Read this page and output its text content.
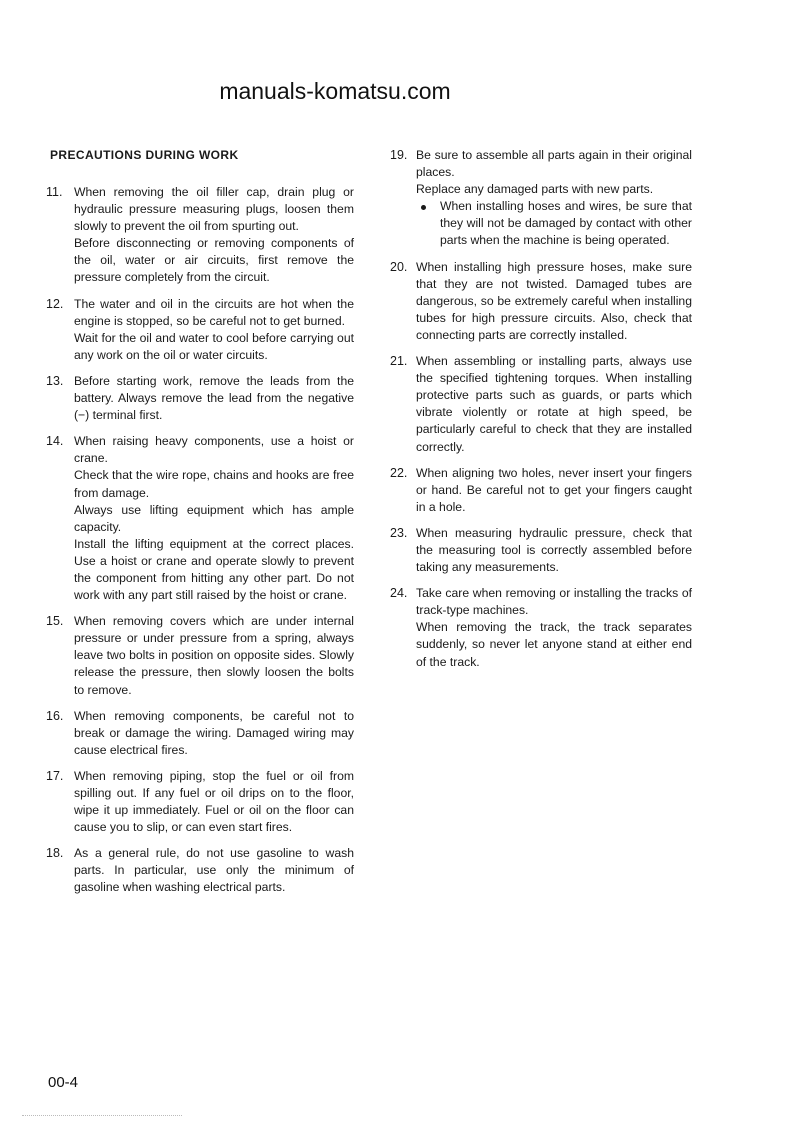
manuals-komatsu.com
PRECAUTIONS DURING WORK
11. When removing the oil filler cap, drain plug or hydraulic pressure measuring plugs, loosen them slowly to prevent the oil from spurting out.

Before disconnecting or removing components of the oil, water or air circuits, first remove the pressure completely from the circuit.

12. The water and oil in the circuits are hot when the engine is stopped, so be careful not to get burned.

Wait for the oil and water to cool before carrying out any work on the oil or water circuits.

13. Before starting work, remove the leads from the battery. Always remove the lead from the negative (−) terminal first.

14. When raising heavy components, use a hoist or crane.

Check that the wire rope, chains and hooks are free from damage.

Always use lifting equipment which has ample capacity.

Install the lifting equipment at the correct places. Use a hoist or crane and operate slowly to prevent the component from hitting any other part. Do not work with any part still raised by the hoist or crane.

15. When removing covers which are under internal pressure or under pressure from a spring, always leave two bolts in position on opposite sides. Slowly release the pressure, then slowly loosen the bolts to remove.

16. When removing components, be careful not to break or damage the wiring. Damaged wiring may cause electrical fires.

17. When removing piping, stop the fuel or oil from spilling out. If any fuel or oil drips on to the floor, wipe it up immediately. Fuel or oil on the floor can cause you to slip, or can even start fires.

18. As a general rule, do not use gasoline to wash parts. In particular, use only the minimum of gasoline when washing electrical parts.

19. Be sure to assemble all parts again in their original places.

Replace any damaged parts with new parts.

When installing hoses and wires, be sure that they will not be damaged by contact with other parts when the machine is being operated.

20. When installing high pressure hoses, make sure that they are not twisted. Damaged tubes are dangerous, so be extremely careful when installing tubes for high pressure circuits. Also, check that connecting parts are correctly installed.

21. When assembling or installing parts, always use the specified tightening torques. When installing protective parts such as guards, or parts which vibrate violently or rotate at high speed, be particularly careful to check that they are installed correctly.

22. When aligning two holes, never insert your fingers or hand. Be careful not to get your fingers caught in a hole.

23. When measuring hydraulic pressure, check that the measuring tool is correctly assembled before taking any measurements.

24. Take care when removing or installing the tracks of track-type machines.

When removing the track, the track separates suddenly, so never let anyone stand at either end of the track.

00-4
